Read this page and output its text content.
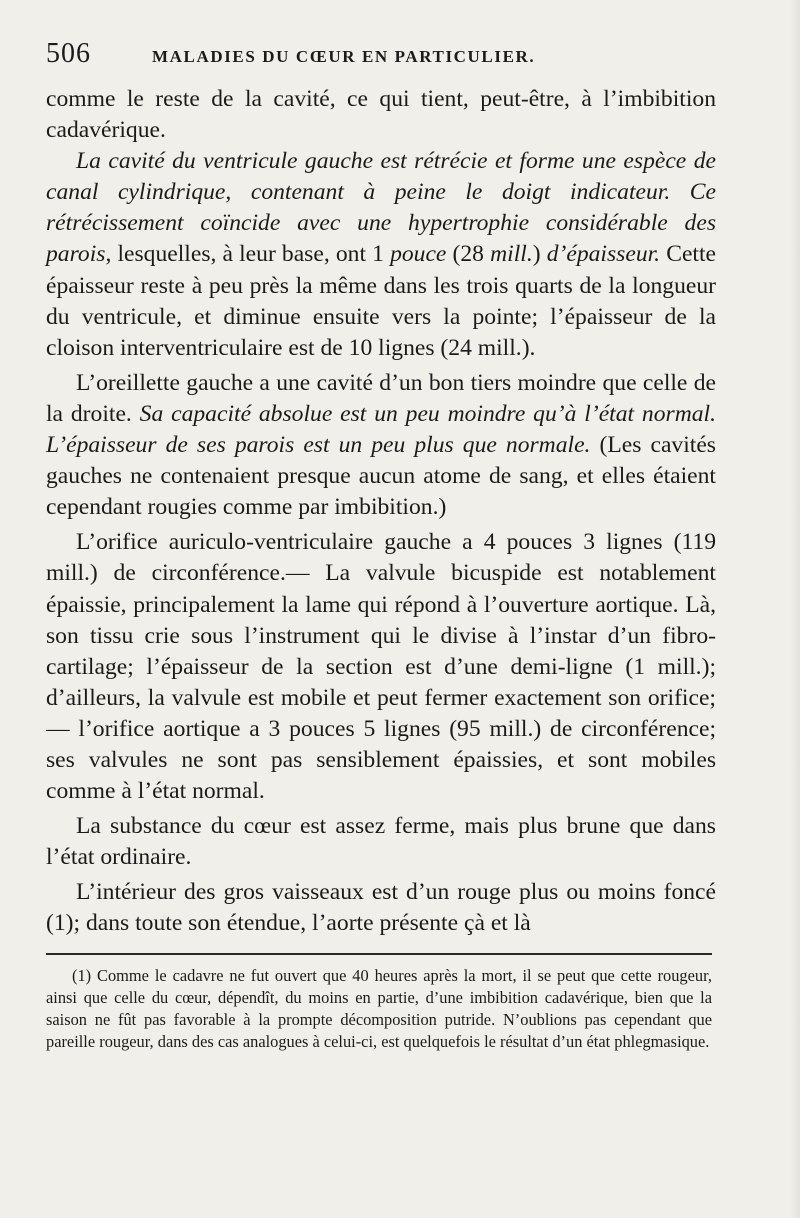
506	MALADIES DU CŒUR EN PARTICULIER.

comme le reste de la cavité, ce qui tient, peut-être, à l’imbibition cadavérique.

La cavité du ventricule gauche est rétrécie et forme une espèce de canal cylindrique, contenant à peine le doigt indicateur. Ce rétrécissement coïncide avec une hypertrophie considérable des parois, lesquelles, à leur base, ont 1 pouce (28 mill.) d’épaisseur. Cette épaisseur reste à peu près la même dans les trois quarts de la longueur du ventricule, et diminue ensuite vers la pointe; l’épaisseur de la cloison interventriculaire est de 10 lignes (24 mill.).

L’oreillette gauche a une cavité d’un bon tiers moindre que celle de la droite. Sa capacité absolue est un peu moindre qu’à l’état normal. L’épaisseur de ses parois est un peu plus que normale. (Les cavités gauches ne contenaient presque aucun atome de sang, et elles étaient cependant rougies comme par imbibition.)

L’orifice auriculo-ventriculaire gauche a 4 pouces 3 lignes (119 mill.) de circonférence.— La valvule bicuspide est notablement épaissie, principalement la lame qui répond à l’ouverture aortique. Là, son tissu crie sous l’instrument qui le divise à l’instar d’un fibro-cartilage; l’épaisseur de la section est d’une demi-ligne (1 mill.); d’ailleurs, la valvule est mobile et peut fermer exactement son orifice; — l’orifice aortique a 3 pouces 5 lignes (95 mill.) de circonférence; ses valvules ne sont pas sensiblement épaissies, et sont mobiles comme à l’état normal.

La substance du cœur est assez ferme, mais plus brune que dans l’état ordinaire.

L’intérieur des gros vaisseaux est d’un rouge plus ou moins foncé (1); dans toute son étendue, l’aorte présente çà et là

(1) Comme le cadavre ne fut ouvert que 40 heures après la mort, il se peut que cette rougeur, ainsi que celle du cœur, dépendît, du moins en partie, d’une imbibition cadavérique, bien que la saison ne fût pas favorable à la prompte décomposition putride. N’oublions pas cependant que pareille rougeur, dans des cas analogues à celui-ci, est quelquefois le résultat d’un état phlegmasique.
